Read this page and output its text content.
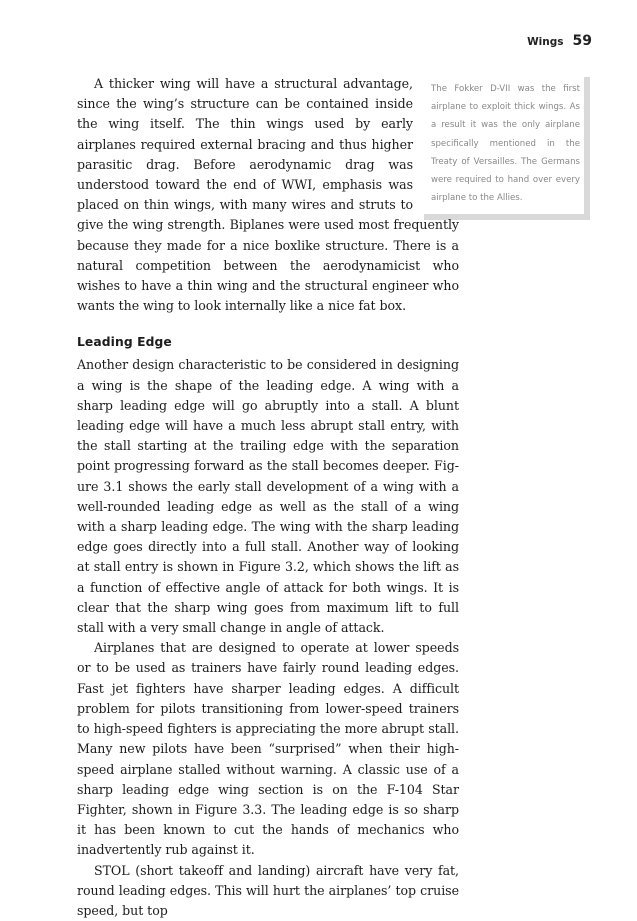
Wings 59
The Fokker D-VII was the first airplane to exploit thick wings. As a result it was the only airplane specifically mentioned in the Treaty of Versailles. The Germans were required to hand over every airplane to the Allies.

A thicker wing will have a structural advantage, since the wing’s structure can be contained inside the wing itself. The thin wings used by early airplanes required external bracing and thus higher parasitic drag. Before aerodynamic drag was understood toward the end of WWI, emphasis was placed on thin wings, with many wires and struts to give the wing strength. Biplanes were used most frequently because they made for a nice boxlike structure. There is a natural competition between the aerodynamicist who wishes to have a thin wing and the structural engineer who wants the wing to look internally like a nice fat box.

Leading Edge

Another design characteristic to be considered in designing a wing is the shape of the leading edge. A wing with a sharp leading edge will go abruptly into a stall. A blunt leading edge will have a much less abrupt stall entry, with the stall starting at the trailing edge with the separation point progressing forward as the stall becomes deeper. Figure 3.1 shows the early stall development of a wing with a well-rounded leading edge as well as the stall of a wing with a sharp leading edge. The wing with the sharp leading edge goes directly into a full stall. Another way of looking at stall entry is shown in Figure 3.2, which shows the lift as a function of effective angle of attack for both wings. It is clear that the sharp wing goes from maximum lift to full stall with a very small change in angle of attack.

Airplanes that are designed to operate at lower speeds or to be used as trainers have fairly round leading edges. Fast jet fighters have sharper leading edges. A difficult problem for pilots transitioning from lower-speed trainers to high-speed fighters is appreciating the more abrupt stall. Many new pilots have been “surprised” when their high-speed airplane stalled without warning. A classic use of a sharp leading edge wing section is on the F-104 Star Fighter, shown in Figure 3.3. The leading edge is so sharp it has been known to cut the hands of mechanics who inadvertently rub against it.

STOL (short takeoff and landing) aircraft have very fat, round leading edges. This will hurt the airplanes’ top cruise speed, but top
